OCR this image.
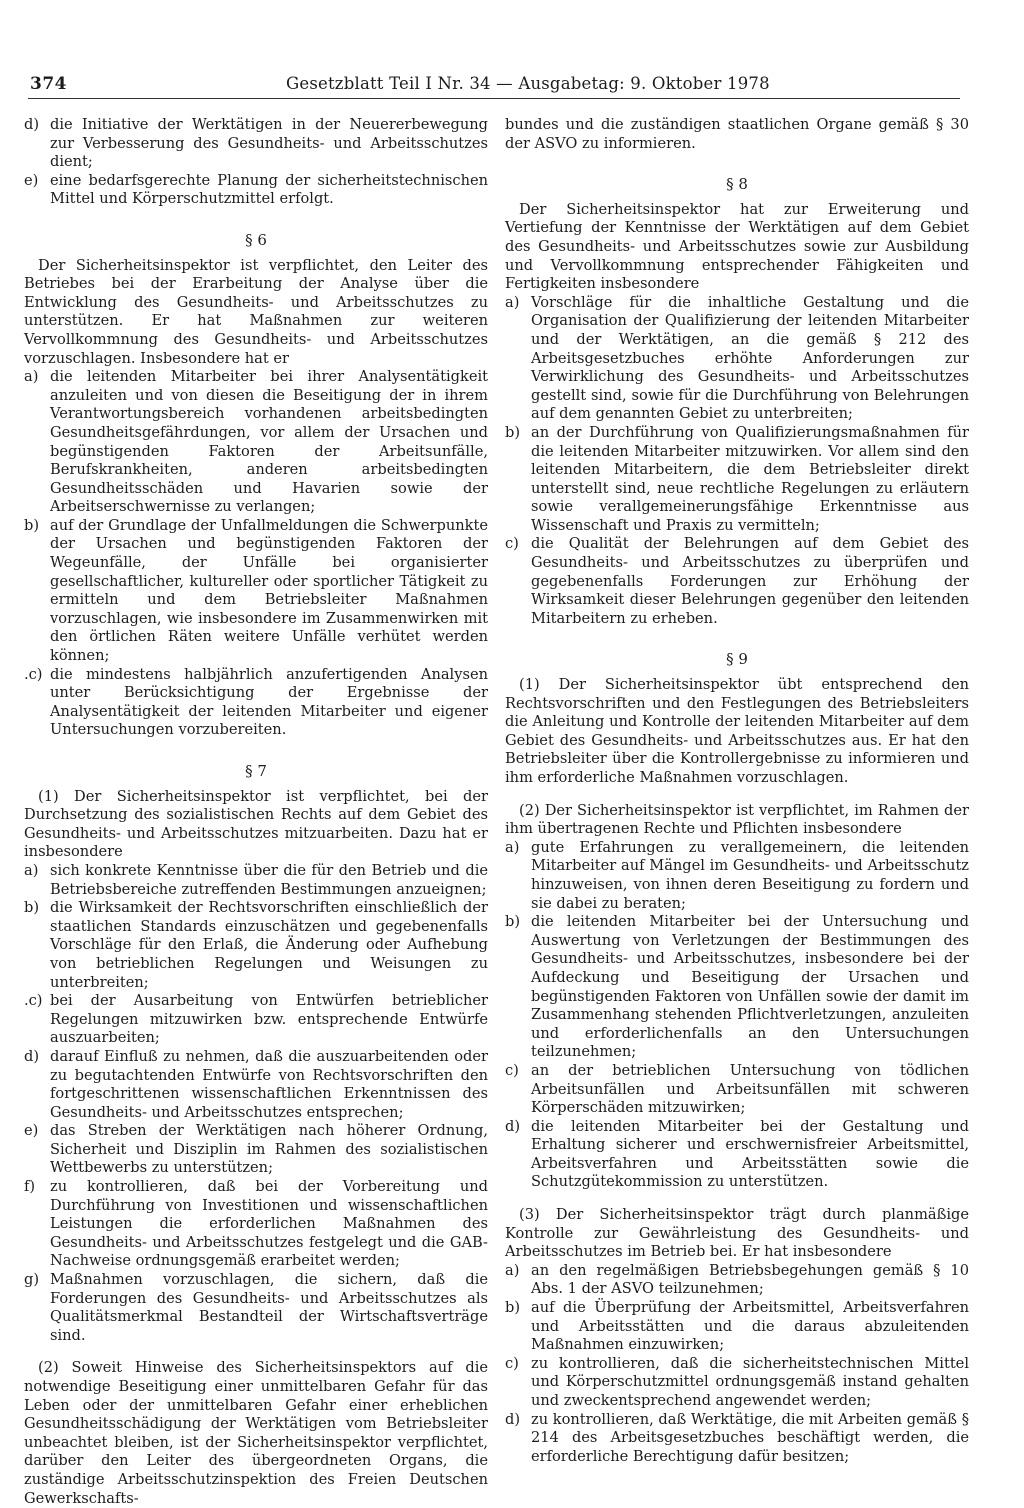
374	Gesetzblatt Teil I Nr. 34 — Ausgabetag: 9. Oktober 1978
d) die Initiative der Werktätigen in der Neuererbewegung zur Verbesserung des Gesundheits- und Arbeitsschutzes dient;
e) eine bedarfsgerechte Planung der sicherheitstechnischen Mittel und Körperschutzmittel erfolgt.
§ 6

Der Sicherheitsinspektor ist verpflichtet, den Leiter des Betriebes bei der Erarbeitung der Analyse über die Entwicklung des Gesundheits- und Arbeitsschutzes zu unterstützen. Er hat Maßnahmen zur weiteren Vervollkommnung des Gesundheits- und Arbeitsschutzes vorzuschlagen. Insbesondere hat er

a) die leitenden Mitarbeiter bei ihrer Analysentätigkeit anzuleiten und von diesen die Beseitigung der in ihrem Verantwortungsbereich vorhandenen arbeitsbedingten Gesundheitsgefährdungen, vor allem der Ursachen und begünstigenden Faktoren der Arbeitsunfälle, Berufskrankheiten, anderen arbeitsbedingten Gesundheitsschäden und Havarien sowie der Arbeitserschwernisse zu verlangen;
b) auf der Grundlage der Unfallmeldungen die Schwerpunkte der Ursachen und begünstigenden Faktoren der Wegeunfälle, der Unfälle bei organisierter gesellschaftlicher, kultureller oder sportlicher Tätigkeit zu ermitteln und dem Betriebsleiter Maßnahmen vorzuschlagen, wie insbesondere im Zusammenwirken mit den örtlichen Räten weitere Unfälle verhütet werden können;
.c) die mindestens halbjährlich anzufertigenden Analysen unter Berücksichtigung der Ergebnisse der Analysentätigkeit der leitenden Mitarbeiter und eigener Untersuchungen vorzubereiten.
§ 7

(1) Der Sicherheitsinspektor ist verpflichtet, bei der Durchsetzung des sozialistischen Rechts auf dem Gebiet des Gesundheits- und Arbeitsschutzes mitzuarbeiten. Dazu hat er insbesondere

a) sich konkrete Kenntnisse über die für den Betrieb und die Betriebsbereiche zutreffenden Bestimmungen anzueignen;
b) die Wirksamkeit der Rechtsvorschriften einschließlich der staatlichen Standards einzuschätzen und gegebenenfalls Vorschläge für den Erlaß, die Änderung oder Aufhebung von betrieblichen Regelungen und Weisungen zu unterbreiten;
.c) bei der Ausarbeitung von Entwürfen betrieblicher Regelungen mitzuwirken bzw. entsprechende Entwürfe auszuarbeiten;
d) darauf Einfluß zu nehmen, daß die auszuarbeitenden oder zu begutachtenden Entwürfe von Rechtsvorschriften den fortgeschrittenen wissenschaftlichen Erkenntnissen des Gesundheits- und Arbeitsschutzes entsprechen;
e) das Streben der Werktätigen nach höherer Ordnung, Sicherheit und Disziplin im Rahmen des sozialistischen Wettbewerbs zu unterstützen;
f)	zu kontrollieren, daß bei der Vorbereitung und Durchführung von Investitionen und wissenschaftlichen Leistungen die erforderlichen Maßnahmen des Gesundheits- und Arbeitsschutzes festgelegt und die GAB-Nachweise ordnungsgemäß erarbeitet werden;
g) Maßnahmen vorzuschlagen, die sichern, daß die Forderungen des Gesundheits- und Arbeitsschutzes als Qualitätsmerkmal Bestandteil der Wirtschaftsverträge sind.

(2) Soweit Hinweise des Sicherheitsinspektors auf die notwendige Beseitigung einer unmittelbaren Gefahr für das Leben oder der unmittelbaren Gefahr einer erheblichen Gesundheitsschädigung der Werktätigen vom Betriebsleiter unbeachtet bleiben, ist der Sicherheitsinspektor verpflichtet, darüber den Leiter des übergeordneten Organs, die zuständige Arbeitsschutzinspektion des Freien Deutschen Gewerkschafts-

bundes und die zuständigen staatlichen Organe gemäß § 30 der ASVO zu informieren.

§ 8

Der Sicherheitsinspektor hat zur Erweiterung und Vertiefung der Kenntnisse der Werktätigen auf dem Gebiet des Gesundheits- und Arbeitsschutzes sowie zur Ausbildung und Vervollkommnung entsprechender Fähigkeiten und Fertigkeiten insbesondere

a) Vorschläge für die inhaltliche Gestaltung und die Organisation der Qualifizierung der leitenden Mitarbeiter und der Werktätigen, an die gemäß § 212 des Arbeitsgesetzbuches erhöhte Anforderungen zur Verwirklichung des Gesundheits- und Arbeitsschutzes gestellt sind, sowie für die Durchführung von Belehrungen auf dem genannten Gebiet zu unterbreiten;
b) an der Durchführung von Qualifizierungsmaßnahmen für die leitenden Mitarbeiter mitzuwirken. Vor allem sind den leitenden Mitarbeitern, die dem Betriebsleiter direkt unterstellt sind, neue rechtliche Regelungen zu erläutern sowie verallgemeinerungsfähige Erkenntnisse aus Wissenschaft und Praxis zu vermitteln;
c) die Qualität der Belehrungen auf dem Gebiet des Gesundheits- und Arbeitsschutzes zu überprüfen und gegebenenfalls Forderungen zur Erhöhung der Wirksamkeit dieser Belehrungen gegenüber den leitenden Mitarbeitern zu erheben.
§ 9

(1) Der Sicherheitsinspektor übt entsprechend den Rechtsvorschriften und den Festlegungen des Betriebsleiters die Anleitung und Kontrolle der leitenden Mitarbeiter auf dem Gebiet des Gesundheits- und Arbeitsschutzes aus. Er hat den Betriebsleiter über die Kontrollergebnisse zu informieren und ihm erforderliche Maßnahmen vorzuschlagen.

(2) Der Sicherheitsinspektor ist verpflichtet, im Rahmen der ihm übertragenen Rechte und Pflichten insbesondere

a) gute Erfahrungen zu verallgemeinern, die leitenden Mitarbeiter auf Mängel im Gesundheits- und Arbeitsschutz hinzuweisen, von ihnen deren Beseitigung zu fordern und sie dabei zu beraten;
b) die leitenden Mitarbeiter bei der Untersuchung und Auswertung von Verletzungen der Bestimmungen des Gesundheits- und Arbeitsschutzes, insbesondere bei der Aufdeckung und Beseitigung der Ursachen und begünstigenden Faktoren von Unfällen sowie der damit im Zusammenhang stehenden Pflichtverletzungen, anzuleiten und erforderlichenfalls an den Untersuchungen teilzunehmen;
c) an der betrieblichen Untersuchung von tödlichen Arbeitsunfällen und Arbeitsunfällen mit schweren Körperschäden mitzuwirken;
d) die leitenden Mitarbeiter bei der Gestaltung und Erhaltung sicherer und erschwernisfreier Arbeitsmittel, Arbeitsverfahren und Arbeitsstätten sowie die Schutzgütekommission zu unterstützen.

(3) Der Sicherheitsinspektor trägt durch planmäßige Kontrolle zur Gewährleistung des Gesundheits- und Arbeitsschutzes im Betrieb bei. Er hat insbesondere

a) an den regelmäßigen Betriebsbegehungen gemäß § 10 Abs. 1 der ASVO teilzunehmen;
b) auf die Überprüfung der Arbeitsmittel, Arbeitsverfahren und Arbeitsstätten und die daraus abzuleitenden Maßnahmen einzuwirken;
c) zu kontrollieren, daß die sicherheitstechnischen Mittel und Körperschutzmittel ordnungsgemäß instand gehalten und zweckentsprechend angewendet werden;
d) zu kontrollieren, daß Werktätige, die mit Arbeiten gemäß § 214 des Arbeitsgesetzbuches beschäftigt werden, die erforderliche Berechtigung dafür besitzen;
